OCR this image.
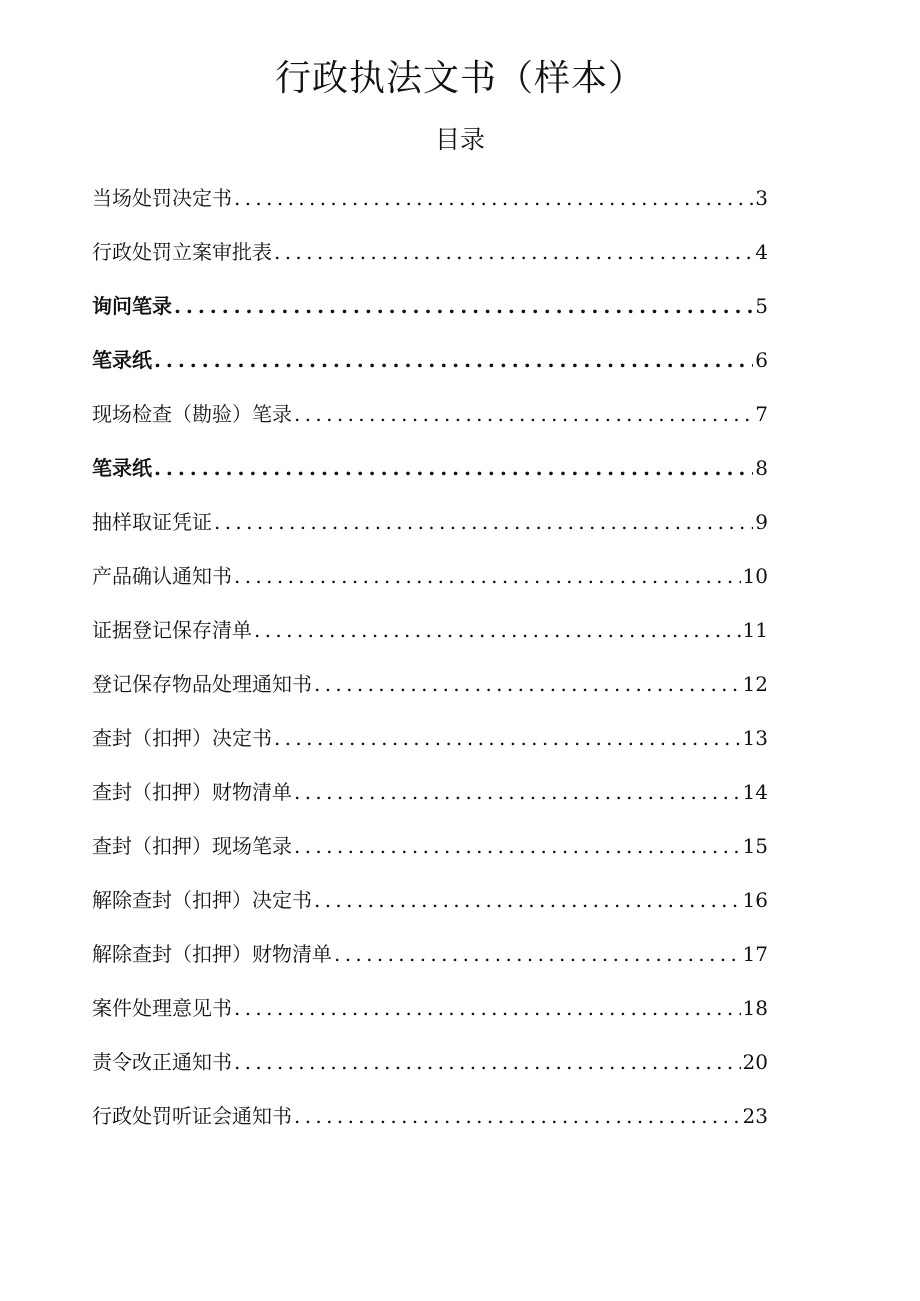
行政执法文书（样本）
目录
当场处罚决定书 . . .	3
行政处罚立案审批表 . . .	4
询问笔录 . . .	5
笔录纸 . . .	6
现场检查（勘验）笔录 . . .	7
笔录纸 . . .	8
抽样取证凭证 . . .	9
产品确认通知书 . . .	10
证据登记保存清单 . . .	11
登记保存物品处理通知书 . . .	12
查封（扣押）决定书 . . .	13
查封（扣押）财物清单 . . .	14
查封（扣押）现场笔录 . . .	15
解除查封（扣押）决定书 . . .	16
解除查封（扣押）财物清单 . . .	17
案件处理意见书 . . .	18
责令改正通知书 . . .	20
行政处罚听证会通知书 . . .	23
